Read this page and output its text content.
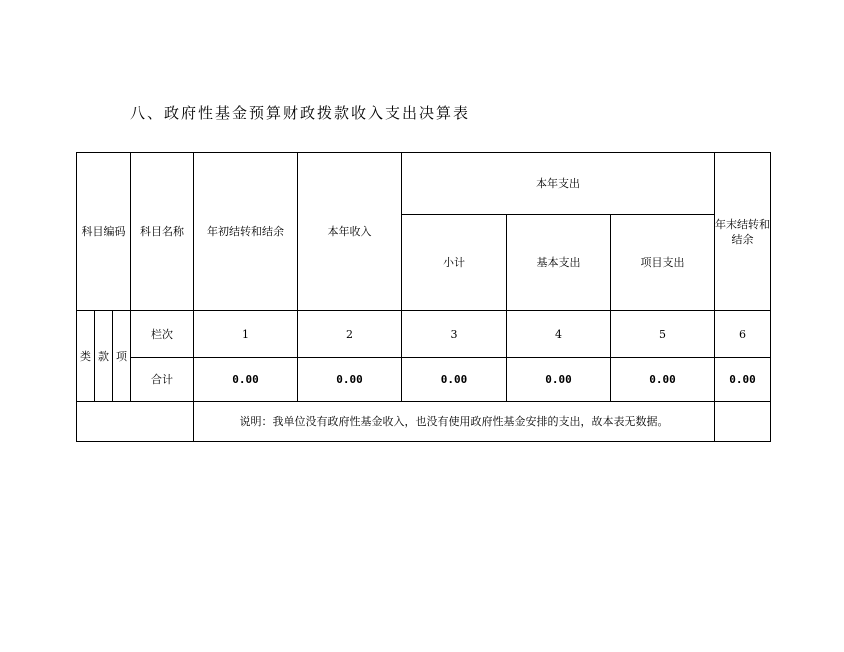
八、政府性基金预算财政拨款收入支出决算表
科目编码			科目名称	年初结转和结余	本年收入	本年支出			年末结转和结余
						小计	基本支出	项目支出	
类	款	项	栏次	1	2	3	4	5	6
			合计	0.00	0.00	0.00	0.00	0.00	0.00
				说明：我单位没有政府性基金收入，也没有使用政府性基金安排的支出，故本表无数据。					
